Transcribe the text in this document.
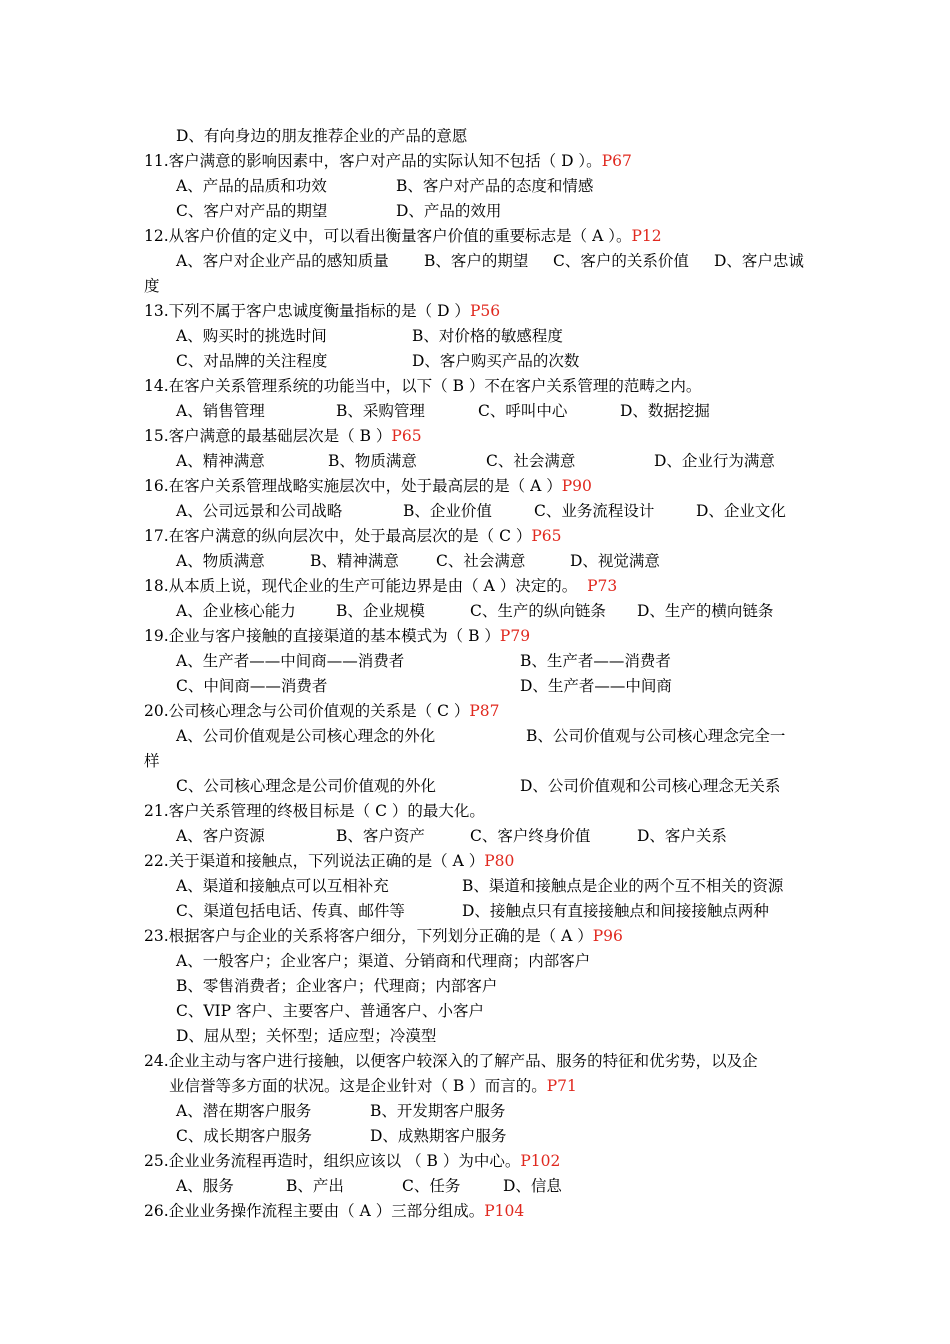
D、有向身边的朋友推荐企业的产品的意愿
11.客户满意的影响因素中，客户对产品的实际认知不包括（ D ）。P67
A、产品的品质和功效	B、客户对产品的态度和情感
C、客户对产品的期望	D、产品的效用
12.从客户价值的定义中，可以看出衡量客户价值的重要标志是（ A ）。P12
A、客户对企业产品的感知质量 B、客户的期望 C、客户的关系价值 D、客户忠诚
度
13.下列不属于客户忠诚度衡量指标的是（ D ）P56
A、购买时的挑选时间	B、对价格的敏感程度
C、对品牌的关注程度	D、客户购买产品的次数
14.在客户关系管理系统的功能当中，以下（ B ）不在客户关系管理的范畴之内。
A、销售管理	B、采购管理	C、呼叫中心	D、数据挖掘
15.客户满意的最基础层次是（ B ）P65
A、精神满意	B、物质满意	C、社会满意	D、企业行为满意
16.在客户关系管理战略实施层次中，处于最高层的是（ A ）P90
A、公司远景和公司战略	B、企业价值	C、业务流程设计	D、企业文化
17.在客户满意的纵向层次中，处于最高层次的是（ C ）P65
A、物质满意	B、精神满意 C、社会满意	D、视觉满意
18.从本质上说，现代企业的生产可能边界是由（ A ）决定的。 P73
A、企业核心能力	B、企业规模	C、生产的纵向链条 D、生产的横向链条
19.企业与客户接触的直接渠道的基本模式为（ B ）P79
A、生产者——中间商——消费者	B、生产者——消费者
C、中间商——消费者	D、生产者——中间商
20.公司核心理念与公司价值观的关系是（ C ）P87
A、公司价值观是公司核心理念的外化	B、公司价值观与公司核心理念完全一
样
C、公司核心理念是公司价值观的外化	D、公司价值观和公司核心理念无关系
21.客户关系管理的终极目标是（ C ）的最大化。
A、客户资源	B、客户资产	C、客户终身价值	D、客户关系
22.关于渠道和接触点，下列说法正确的是（ A ）P80
A、渠道和接触点可以互相补充	B、渠道和接触点是企业的两个互不相关的资源
C、渠道包括电话、传真、邮件等	D、接触点只有直接接触点和间接接触点两种
23.根据客户与企业的关系将客户细分，下列划分正确的是（ A ）P96
A、一般客户；企业客户；渠道、分销商和代理商；内部客户
B、零售消费者；企业客户；代理商；内部客户
C、VIP 客户、主要客户、普通客户、小客户
D、屈从型；关怀型；适应型；冷漠型
24.企业主动与客户进行接触，以便客户较深入的了解产品、服务的特征和优劣势，以及企
业信誉等多方面的状况。这是企业针对（ B ）而言的。P71
A、潜在期客户服务	B、开发期客户服务
C、成长期客户服务	D、成熟期客户服务
25.企业业务流程再造时，组织应该以 （ B ）为中心。P102
A、服务	B、产出	C、任务	D、信息
26.企业业务操作流程主要由（ A ）三部分组成。P104
